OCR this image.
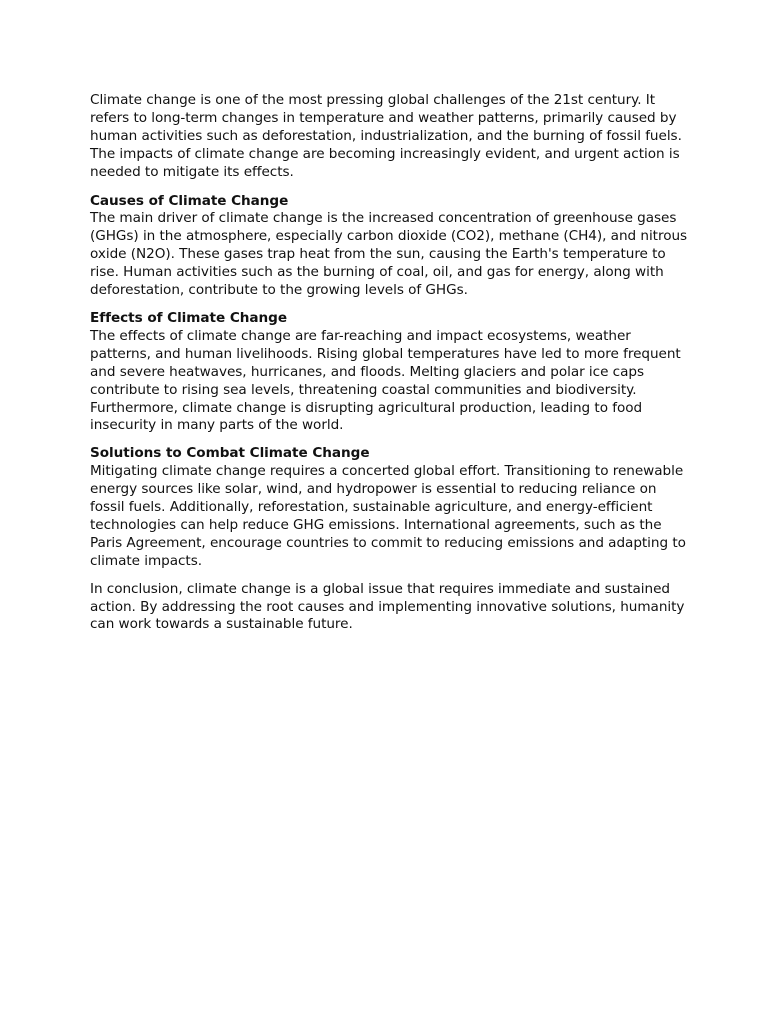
Climate change is one of the most pressing global challenges of the 21st century. It refers to long-term changes in temperature and weather patterns, primarily caused by human activities such as deforestation, industrialization, and the burning of fossil fuels. The impacts of climate change are becoming increasingly evident, and urgent action is needed to mitigate its effects.

Causes of Climate Change

The main driver of climate change is the increased concentration of greenhouse gases (GHGs) in the atmosphere, especially carbon dioxide (CO2), methane (CH4), and nitrous oxide (N2O). These gases trap heat from the sun, causing the Earth's temperature to rise. Human activities such as the burning of coal, oil, and gas for energy, along with deforestation, contribute to the growing levels of GHGs.

Effects of Climate Change

The effects of climate change are far-reaching and impact ecosystems, weather patterns, and human livelihoods. Rising global temperatures have led to more frequent and severe heatwaves, hurricanes, and floods. Melting glaciers and polar ice caps contribute to rising sea levels, threatening coastal communities and biodiversity. Furthermore, climate change is disrupting agricultural production, leading to food insecurity in many parts of the world.

Solutions to Combat Climate Change

Mitigating climate change requires a concerted global effort. Transitioning to renewable energy sources like solar, wind, and hydropower is essential to reducing reliance on fossil fuels. Additionally, reforestation, sustainable agriculture, and energy-efficient technologies can help reduce GHG emissions. International agreements, such as the Paris Agreement, encourage countries to commit to reducing emissions and adapting to climate impacts.

In conclusion, climate change is a global issue that requires immediate and sustained action. By addressing the root causes and implementing innovative solutions, humanity can work towards a sustainable future.
